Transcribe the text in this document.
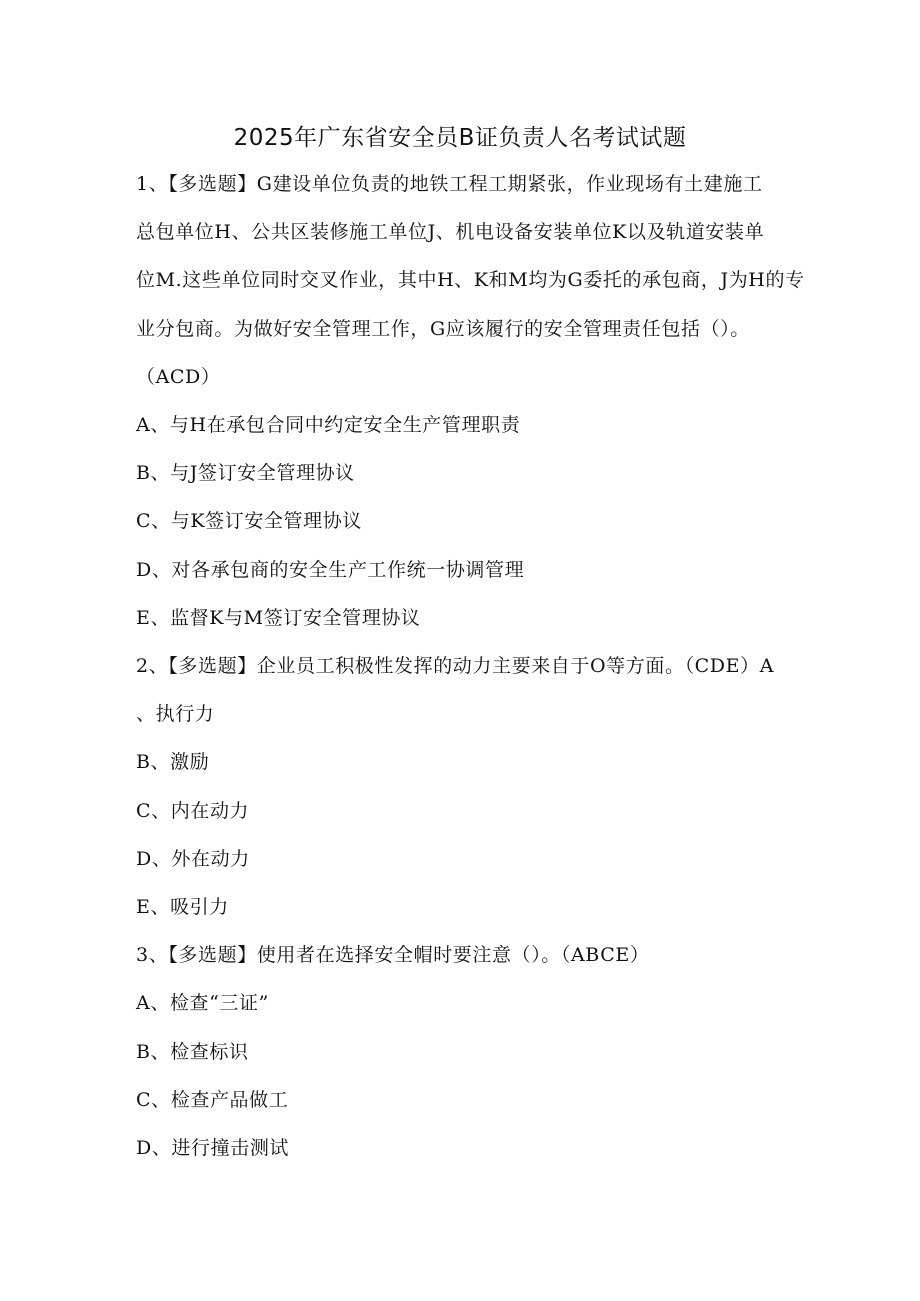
2025年广东省安全员B证负责人名考试试题
1、【多选题】G建设单位负责的地铁工程工期紧张，作业现场有土建施工
总包单位H、公共区装修施工单位J、机电设备安装单位K以及轨道安装单
位M.这些单位同时交叉作业，其中H、K和M均为G委托的承包商，J为H的专
业分包商。为做好安全管理工作，G应该履行的安全管理责任包括（）。
（ACD）
A、与H在承包合同中约定安全生产管理职责
B、与J签订安全管理协议
C、与K签订安全管理协议
D、对各承包商的安全生产工作统一协调管理
E、监督K与M签订安全管理协议
2、【多选题】企业员工积极性发挥的动力主要来自于O等方面。（CDE）A
、执行力
B、激励
C、内在动力
D、外在动力
E、吸引力
3、【多选题】使用者在选择安全帽时要注意（）。（ABCE）
A、检查“三证”
B、检查标识
C、检查产品做工
D、进行撞击测试
